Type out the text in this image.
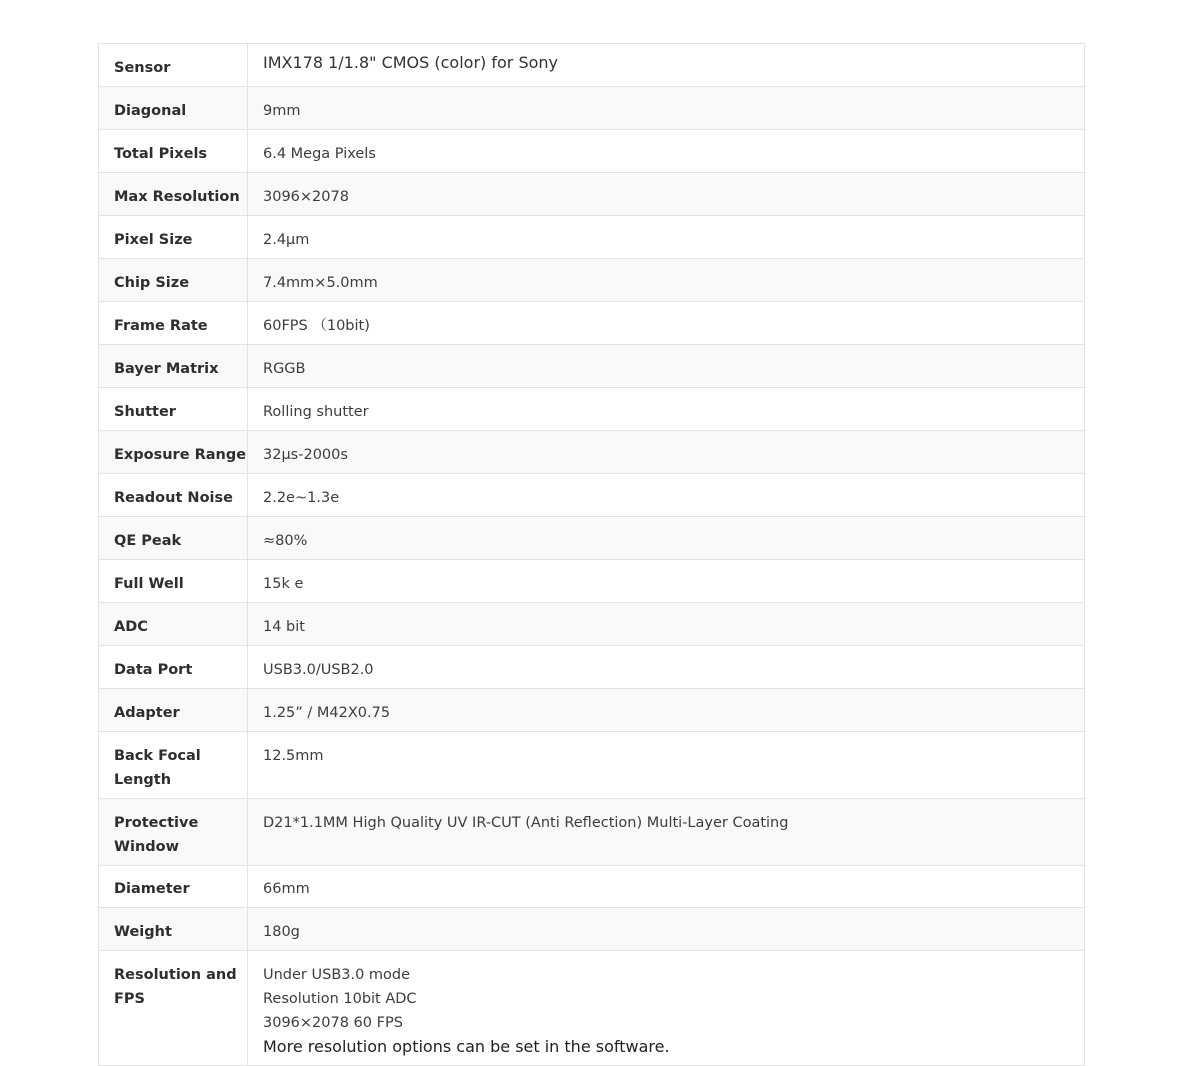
Sensor	IMX178 1/1.8" CMOS (color) for Sony
Diagonal	9mm
Total Pixels	6.4 Mega Pixels
Max Resolution	3096×2078
Pixel Size	2.4μm
Chip Size	7.4mm×5.0mm
Frame Rate	60FPS （10bit)
Bayer Matrix	RGGB
Shutter	Rolling shutter
Exposure Range	32μs-2000s
Readout Noise	2.2e~1.3e
QE Peak	≈80%
Full Well	15k e
ADC	14 bit
Data Port	USB3.0/USB2.0
Adapter	1.25” / M42X0.75
Back Focal Length	12.5mm
Protective Window	D21*1.1MM High Quality UV IR-CUT (Anti Reflection) Multi-Layer Coating
Diameter	66mm
Weight	180g
Resolution and FPS	Under USB3.0 mode
Resolution 10bit ADC
3096×2078 60 FPS
More resolution options can be set in the software.
